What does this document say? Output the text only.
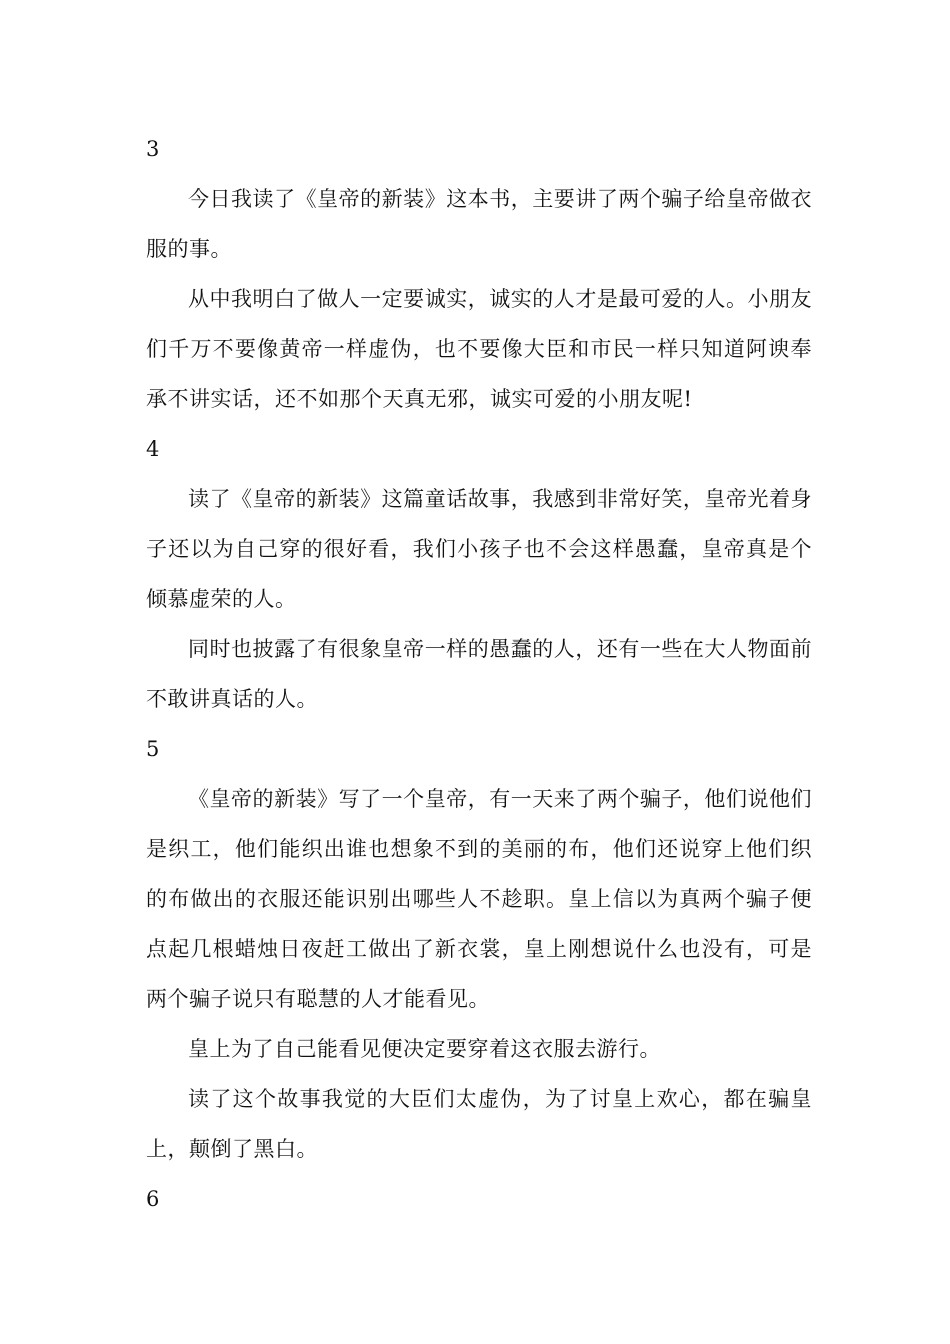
3

今日我读了《皇帝的新装》这本书，主要讲了两个骗子给皇帝做衣服的事。

从中我明白了做人一定要诚实，诚实的人才是最可爱的人。小朋友们千万不要像黄帝一样虚伪，也不要像大臣和市民一样只知道阿谀奉承不讲实话，还不如那个天真无邪，诚实可爱的小朋友呢!

4

读了《皇帝的新装》这篇童话故事，我感到非常好笑，皇帝光着身子还以为自己穿的很好看，我们小孩子也不会这样愚蠢，皇帝真是个倾慕虚荣的人。

同时也披露了有很象皇帝一样的愚蠢的人，还有一些在大人物面前不敢讲真话的人。

5

《皇帝的新装》写了一个皇帝，有一天来了两个骗子，他们说他们是织工，他们能织出谁也想象不到的美丽的布，他们还说穿上他们织的布做出的衣服还能识别出哪些人不趁职。皇上信以为真两个骗子便点起几根蜡烛日夜赶工做出了新衣裳，皇上刚想说什么也没有，可是两个骗子说只有聪慧的人才能看见。

皇上为了自己能看见便决定要穿着这衣服去游行。

读了这个故事我觉的大臣们太虚伪，为了讨皇上欢心，都在骗皇上，颠倒了黑白。

6
